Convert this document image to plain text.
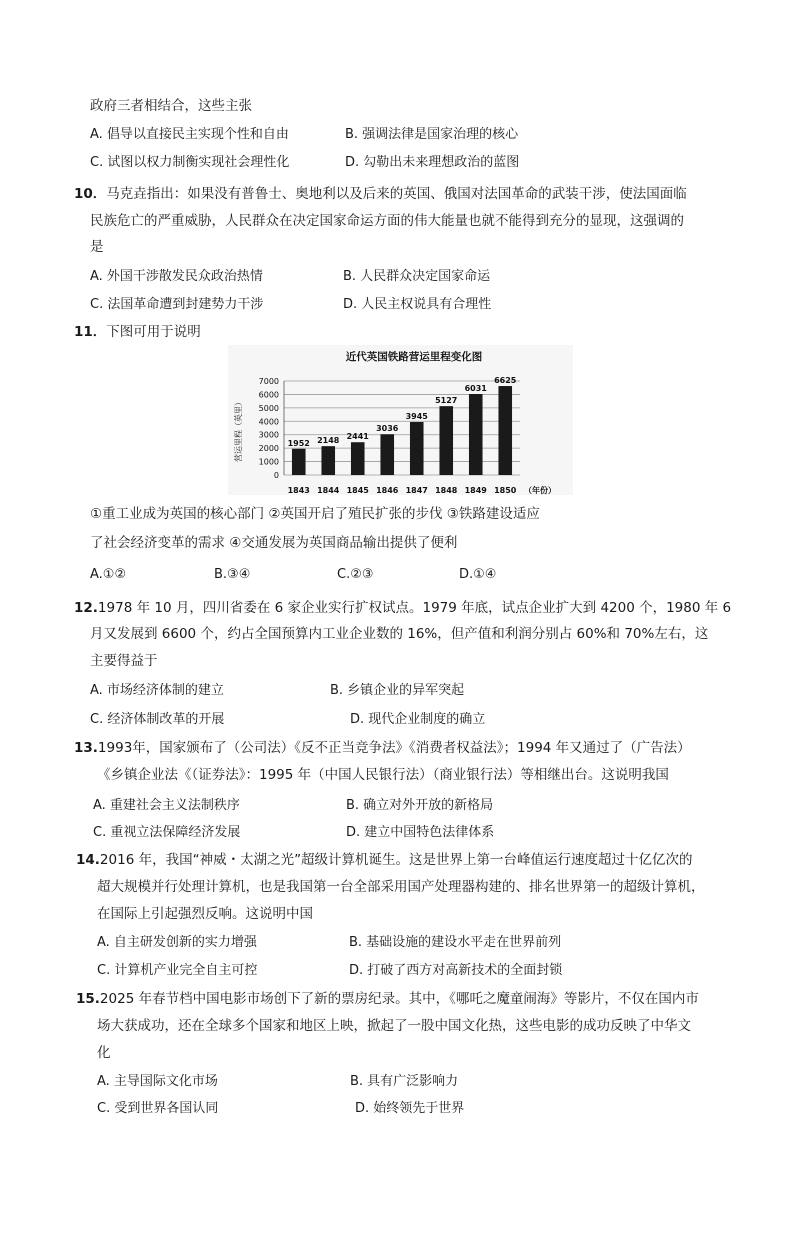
政府三者相结合，这些主张
A. 倡导以直接民主实现个性和自由	B. 强调法律是国家治理的核心
C. 试图以权力制衡实现社会理性化	D. 勾勒出未来理想政治的蓝图
10．马克垚指出：如果没有普鲁士、奥地利以及后来的英国、俄国对法国革命的武装干涉，使法国面临
民族危亡的严重威胁，人民群众在决定国家命运方面的伟大能量也就不能得到充分的显现，这强调的
是
A. 外国干涉散发民众政治热情	B. 人民群众决定国家命运
C. 法国革命遭到封建势力干涉	D. 人民主权说具有合理性
11．下图可用于说明
近代英国铁路营运里程变化图
营运里程（英里）
0
1000
2000
3000
4000
5000
6000
7000
1952
1843
2148
1844
2441
1845
3036
1846
3945
1847
5127
1848
6031
1849
6625
1850 （年份）
①重工业成为英国的核心部门 ②英国开启了殖民扩张的步伐 ③铁路建设适应
了社会经济变革的需求 ④交通发展为英国商品输出提供了便利
A.①②	B.③④	C.②③	D.①④
12.1978 年 10 月，四川省委在 6 家企业实行扩权试点。1979 年底，试点企业扩大到 4200 个，1980 年 6
月又发展到 6600 个，约占全国预算内工业企业数的 16%，但产值和利润分别占 60%和 70%左右，这
主要得益于
A. 市场经济体制的建立	B. 乡镇企业的异军突起
C. 经济体制改革的开展	D. 现代企业制度的确立
13.1993年，国家颁布了（公司法）《反不正当竞争法》《消费者权益法》；1994 年又通过了（广告法）
《乡镇企业法《（证券法》：1995 年（中国人民银行法）（商业银行法）等相继出台。这说明我国
A. 重建社会主义法制秩序	B. 确立对外开放的新格局
C. 重视立法保障经济发展	D. 建立中国特色法律体系
14.2016 年，我国“神威・太湖之光”超级计算机诞生。这是世界上第一台峰值运行速度超过十亿亿次的
超大规模并行处理计算机，也是我国第一台全部采用国产处理器构建的、排名世界第一的超级计算机，
在国际上引起强烈反响。这说明中国
A. 自主研发创新的实力增强	B. 基础设施的建设水平走在世界前列
C. 计算机产业完全自主可控	D. 打破了西方对高新技术的全面封锁
15.2025 年春节档中国电影市场创下了新的票房纪录。其中，《哪吒之魔童闹海》等影片，不仅在国内市
场大获成功，还在全球多个国家和地区上映，掀起了一股中国文化热，这些电影的成功反映了中华文
化
A. 主导国际文化市场	B. 具有广泛影响力
C. 受到世界各国认同	D. 始终领先于世界
